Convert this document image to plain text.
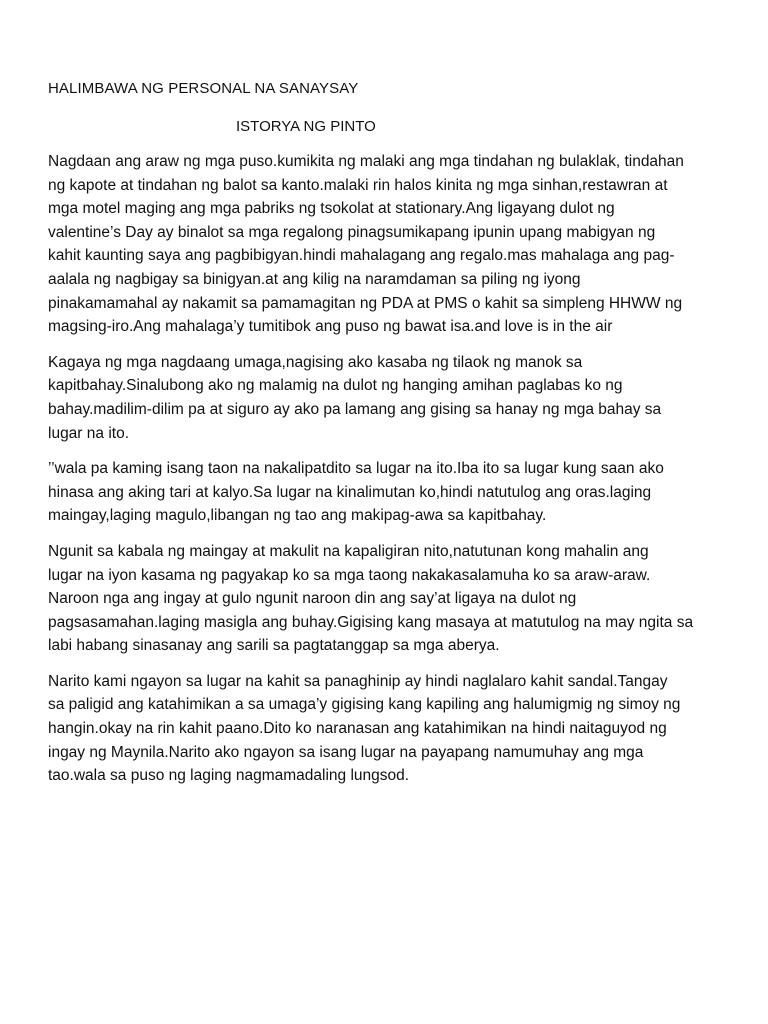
HALIMBAWA NG PERSONAL NA SANAYSAY
ISTORYA NG PINTO

Nagdaan ang araw ng mga puso.kumikita ng malaki ang mga tindahan ng bulaklak, tindahan
ng kapote at tindahan ng balot sa kanto.malaki rin halos kinita ng mga sinhan,restawran at
mga motel maging ang mga pabriks ng tsokolat at stationary.Ang ligayang dulot ng
valentine’s Day ay binalot sa mga regalong pinagsumikapang ipunin upang mabigyan ng
kahit kaunting saya ang pagbibigyan.hindi mahalagang ang regalo.mas mahalaga ang pag-
aalala ng nagbigay sa binigyan.at ang kilig na naramdaman sa piling ng iyong
pinakamamahal ay nakamit sa pamamagitan ng PDA at PMS o kahit sa simpleng HHWW ng
magsing-iro.Ang mahalaga’y tumitibok ang puso ng bawat isa.and love is in the air

Kagaya ng mga nagdaang umaga,nagising ako kasaba ng tilaok ng manok sa
kapitbahay.Sinalubong ako ng malamig na dulot ng hanging amihan paglabas ko ng
bahay.madilim-dilim pa at siguro ay ako pa lamang ang gising sa hanay ng mga bahay sa
lugar na ito.

’’wala pa kaming isang taon na nakalipatdito sa lugar na ito.Iba ito sa lugar kung saan ako
hinasa ang aking tari at kalyo.Sa lugar na kinalimutan ko,hindi natutulog ang oras.laging
maingay,laging magulo,libangan ng tao ang makipag-awa sa kapitbahay.

Ngunit sa kabala ng maingay at makulit na kapaligiran nito,natutunan kong mahalin ang
lugar na iyon kasama ng pagyakap ko sa mga taong nakakasalamuha ko sa araw-araw.
Naroon nga ang ingay at gulo ngunit naroon din ang say’at ligaya na dulot ng
pagsasamahan.laging masigla ang buhay.Gigising kang masaya at matutulog na may ngita sa
labi habang sinasanay ang sarili sa pagtatanggap sa mga aberya.

Narito kami ngayon sa lugar na kahit sa panaghinip ay hindi naglalaro kahit sandal.Tangay
sa paligid ang katahimikan a sa umaga’y gigising kang kapiling ang halumigmig ng simoy ng
hangin.okay na rin kahit paano.Dito ko naranasan ang katahimikan na hindi naitaguyod ng
ingay ng Maynila.Narito ako ngayon sa isang lugar na payapang namumuhay ang mga
tao.wala sa puso ng laging nagmamadaling lungsod.
